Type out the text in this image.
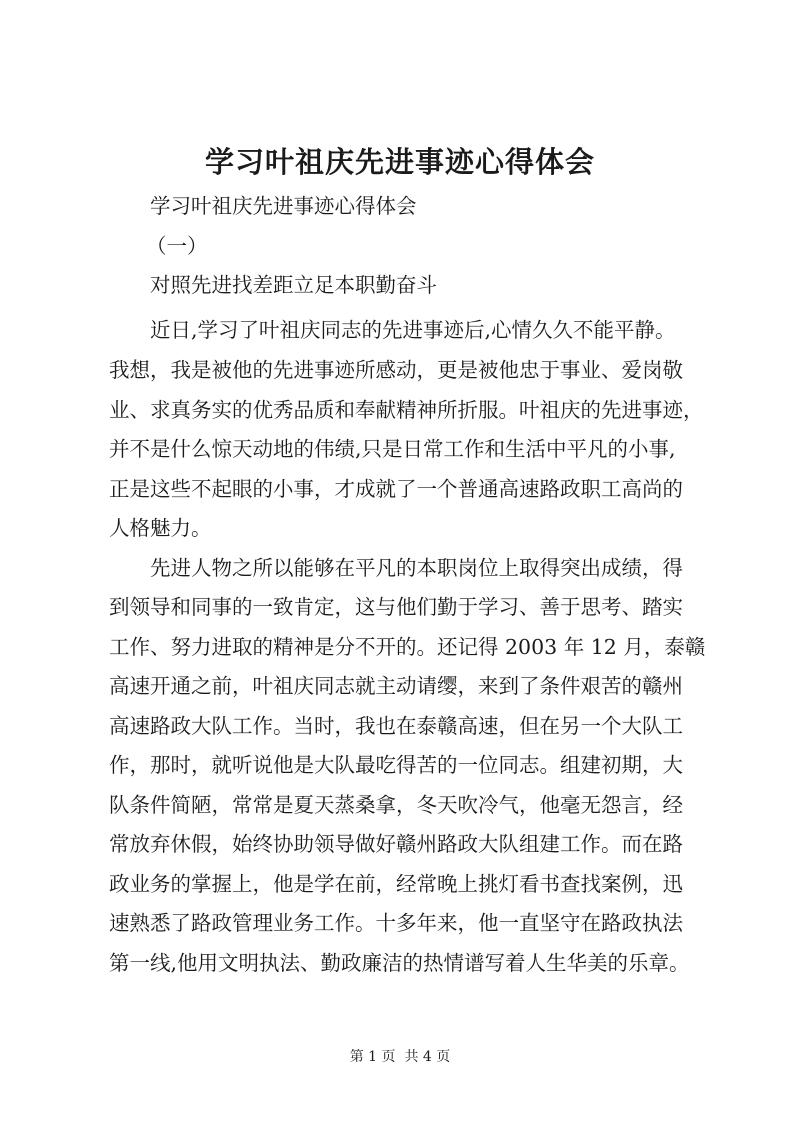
学习叶祖庆先进事迹心得体会
学习叶祖庆先进事迹心得体会
（一）
对照先进找差距立足本职勤奋斗
近日,学习了叶祖庆同志的先进事迹后,心情久久不能平静。
我想，我是被他的先进事迹所感动，更是被他忠于事业、爱岗敬
业、求真务实的优秀品质和奉献精神所折服。叶祖庆的先进事迹，
并不是什么惊天动地的伟绩,只是日常工作和生活中平凡的小事,
正是这些不起眼的小事，才成就了一个普通高速路政职工高尚的
人格魅力。
先进人物之所以能够在平凡的本职岗位上取得突出成绩，得
到领导和同事的一致肯定，这与他们勤于学习、善于思考、踏实
工作、努力进取的精神是分不开的。还记得 2003 年 12 月，泰赣
高速开通之前，叶祖庆同志就主动请缨，来到了条件艰苦的赣州
高速路政大队工作。当时，我也在泰赣高速，但在另一个大队工
作，那时，就听说他是大队最吃得苦的一位同志。组建初期，大
队条件简陋，常常是夏天蒸桑拿，冬天吹冷气，他毫无怨言，经
常放弃休假，始终协助领导做好赣州路政大队组建工作。而在路
政业务的掌握上，他是学在前，经常晚上挑灯看书查找案例，迅
速熟悉了路政管理业务工作。十多年来，他一直坚守在路政执法
第一线,他用文明执法、勤政廉洁的热情谱写着人生华美的乐章。
第 1 页  共 4 页
